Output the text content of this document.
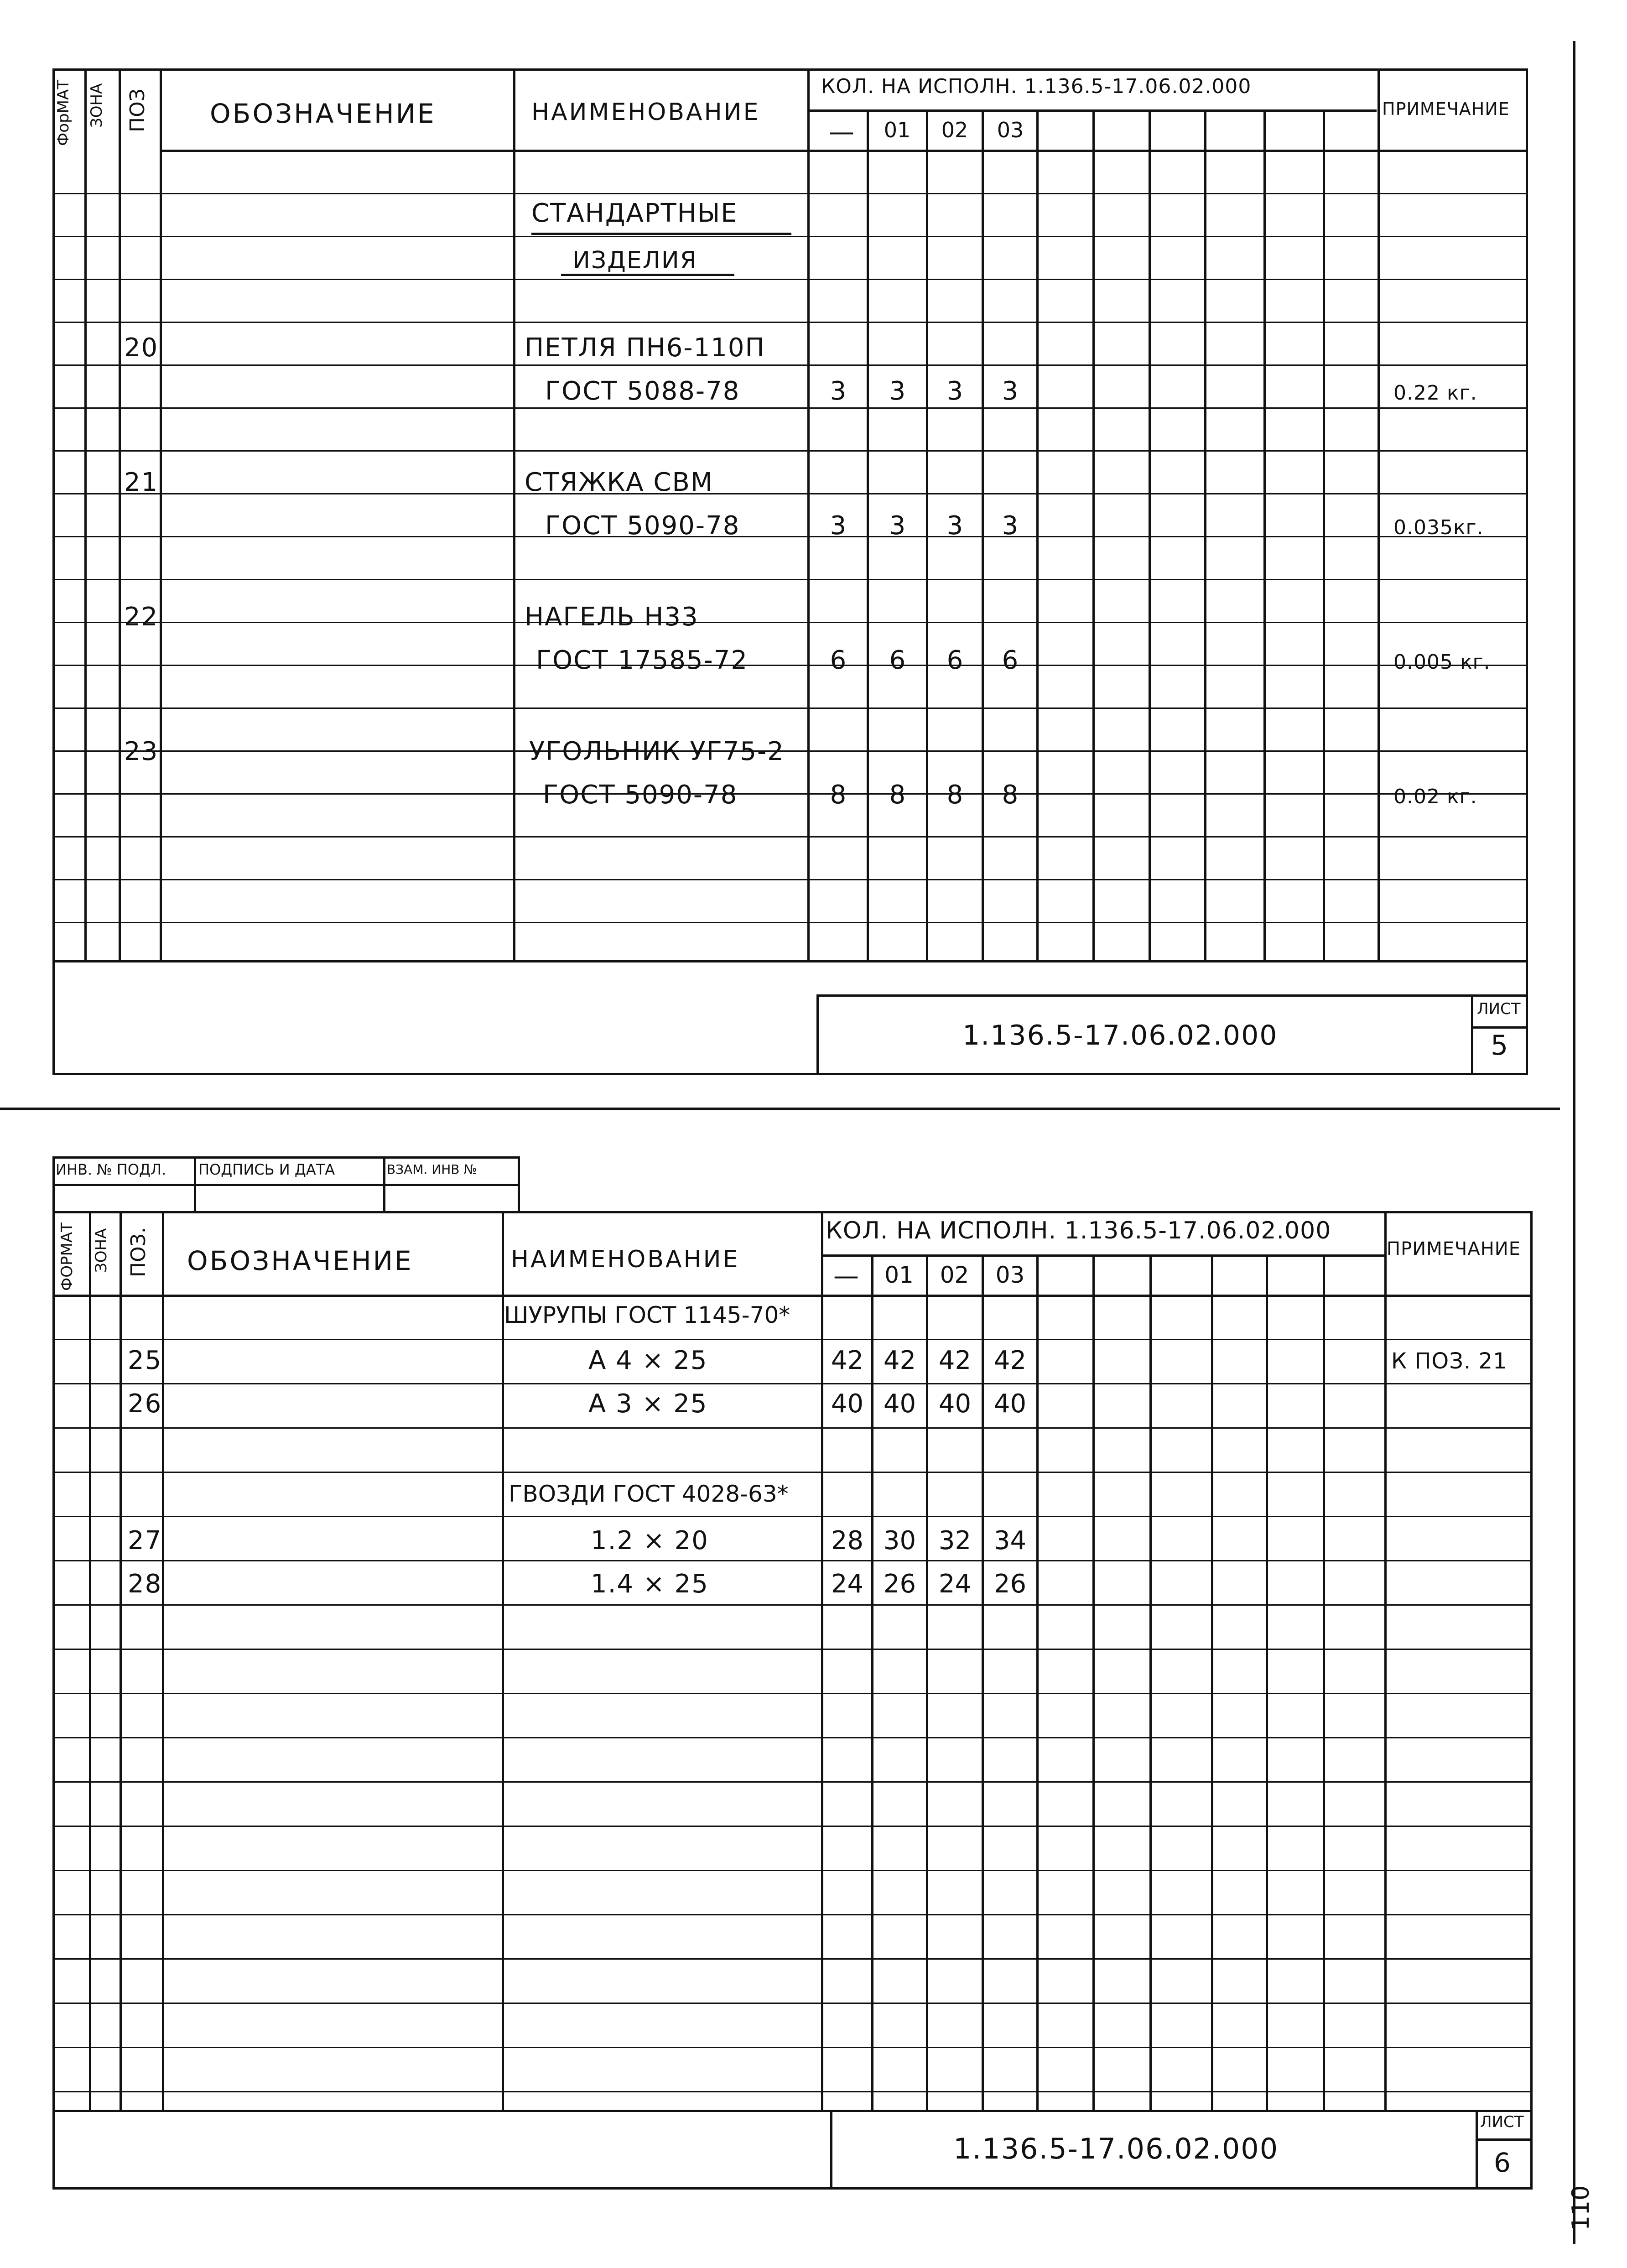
ФорМАТ ЗОНА ПОЗ ОБОЗНАЧЕНИЕ	НАИМЕНОВАНИЕ
КОЛ. НА ИСПОЛН. 1.136.5-17.06.02.000
ПРИМЕЧАНИЕ
—	01	02	03
СТАНДАРТНЫЕ
ИЗДЕЛИЯ
20	ПЕТЛЯ ПН6-110П
ГОСТ 5088-78	3	3	3	3	0.22 кг.
21	СТЯЖКА СВМ
ГОСТ 5090-78	3	3	3	3	0.035кг.
22	НАГЕЛЬ Н33
ГОСТ 17585-72	6	6	6	6	0.005 кг.
23	УГОЛЬНИК УГ75-2
ГОСТ 5090-78	8	8	8	8	0.02 кг.
1.136.5-17.06.02.000
ЛИСТ
5
ИНВ. № ПОДЛ. ПОДПИСЬ И ДАТА	ВЗАМ. ИНВ №
ФОРМАТ ЗОНА ПОЗ. ОБОЗНАЧЕНИЕ	НАИМЕНОВАНИЕ
КОЛ. НА ИСПОЛН. 1.136.5-17.06.02.000
ПРИМЕЧАНИЕ
—	01	02	03
ШУРУПЫ ГОСТ 1145-70*
25	А 4 × 25	42 42 42 42	К ПОЗ. 21
26	А 3 × 25	40 40 40 40
ГВОЗДИ ГОСТ 4028-63*
27	1.2 × 20	28 30 32 34
28	1.4 × 25	24 26 24 26
1.136.5-17.06.02.000
ЛИСТ
6
110
